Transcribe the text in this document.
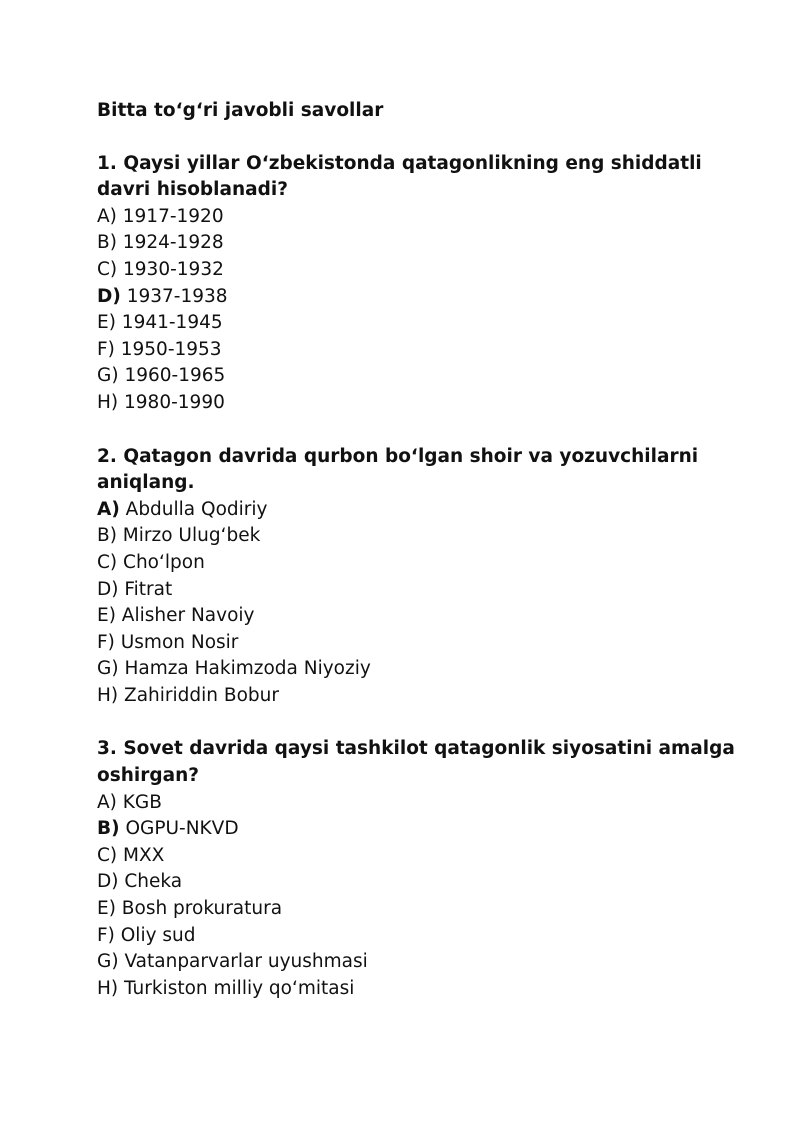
Bitta to‘g‘ri javobli savollar

1. Qaysi yillar O‘zbekistonda qatagonlikning eng shiddatli davri hisoblanadi?

A) 1917-1920
B) 1924-1928
C) 1930-1932
D) 1937-1938
E) 1941-1945
F) 1950-1953
G) 1960-1965
H) 1980-1990

2. Qatagon davrida qurbon bo‘lgan shoir va yozuvchilarni aniqlang.

A) Abdulla Qodiriy
B) Mirzo Ulug‘bek
C) Cho‘lpon
D) Fitrat
E) Alisher Navoiy
F) Usmon Nosir
G) Hamza Hakimzoda Niyoziy
H) Zahiriddin Bobur

3. Sovet davrida qaysi tashkilot qatagonlik siyosatini amalga oshirgan?

A) KGB
B) OGPU-NKVD
C) MXX
D) Cheka
E) Bosh prokuratura
F) Oliy sud
G) Vatanparvarlar uyushmasi
H) Turkiston milliy qo‘mitasi
